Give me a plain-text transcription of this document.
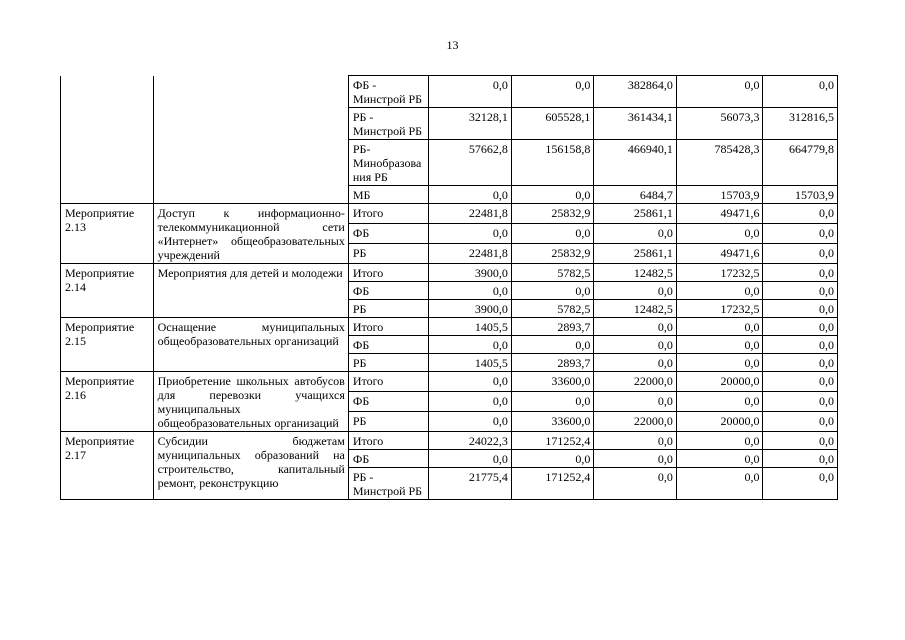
13
		ФБ -
Минстрой РБ	0,0	0,0	382864,0	0,0	0,0
		РБ -
Минстрой РБ	32128,1	605528,1	361434,1	56073,3	312816,5
		РБ-
Минобразова
ния РБ	57662,8	156158,8	466940,1	785428,3	664779,8
		МБ	0,0	0,0	6484,7	15703,9	15703,9
Мероприятие
2.13	Доступ к информационно-телекоммуникационной сети «Интернет» общеобразовательных учреждений	Итого	22481,8	25832,9	25861,1	49471,6	0,0
		ФБ	0,0	0,0	0,0	0,0	0,0
		РБ	22481,8	25832,9	25861,1	49471,6	0,0
Мероприятие
2.14	Мероприятия для детей и молодежи	Итого	3900,0	5782,5	12482,5	17232,5	0,0
		ФБ	0,0	0,0	0,0	0,0	0,0
		РБ	3900,0	5782,5	12482,5	17232,5	0,0
Мероприятие
2.15	Оснащение муниципальных общеобразовательных организаций	Итого	1405,5	2893,7	0,0	0,0	0,0
		ФБ	0,0	0,0	0,0	0,0	0,0
		РБ	1405,5	2893,7	0,0	0,0	0,0
Мероприятие
2.16	Приобретение школьных автобусов для перевозки учащихся муниципальных общеобразовательных организаций	Итого	0,0	33600,0	22000,0	20000,0	0,0
		ФБ	0,0	0,0	0,0	0,0	0,0
		РБ	0,0	33600,0	22000,0	20000,0	0,0
Мероприятие
2.17	Субсидии бюджетам муниципальных образований на строительство, капитальный ремонт, реконструкцию	Итого	24022,3	171252,4	0,0	0,0	0,0
		ФБ	0,0	0,0	0,0	0,0	0,0
		РБ -
Минстрой РБ	21775,4	171252,4	0,0	0,0	0,0
